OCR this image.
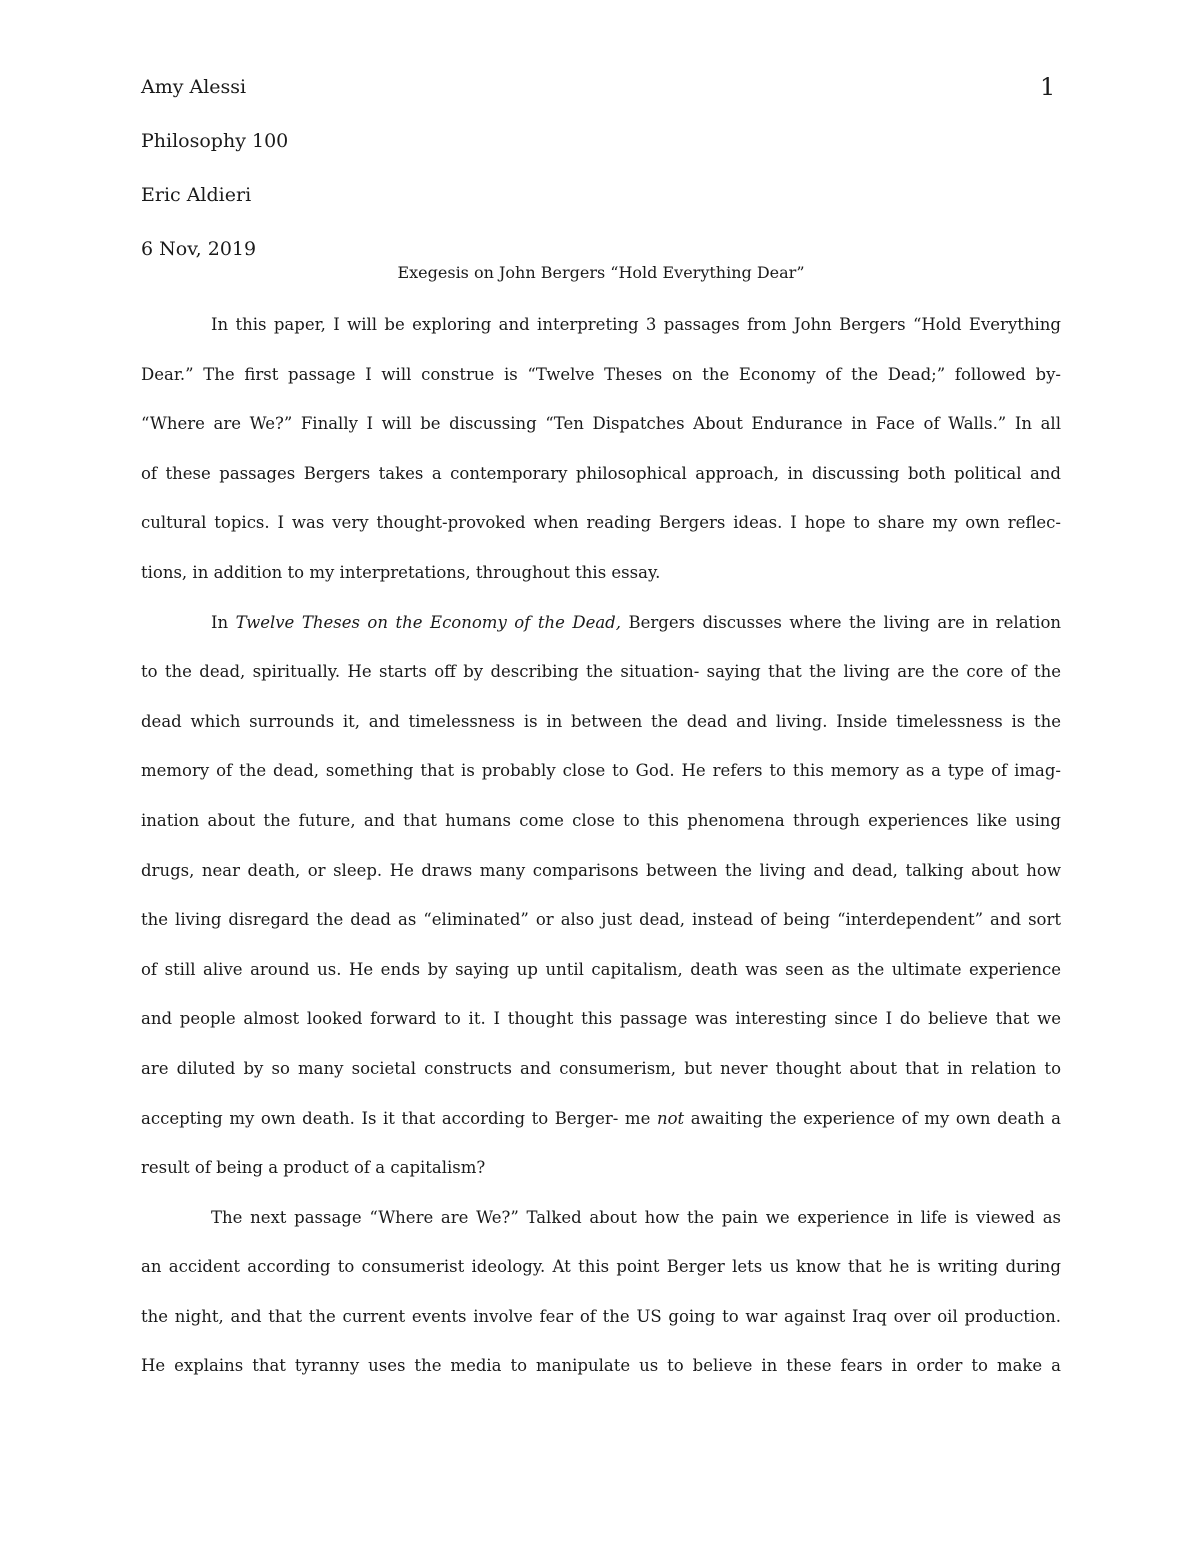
1
Amy Alessi
Philosophy 100
Eric Aldieri
6 Nov, 2019
Exegesis on John Bergers “Hold Everything Dear”
In this paper, I will be exploring and interpreting 3 passages from John Bergers “Hold Everything
Dear.” The first passage I will construe is “Twelve Theses on the Economy of the Dead;” followed by-
“Where are We?” Finally I will be discussing “Ten Dispatches About Endurance in Face of Walls.” In all
of these passages Bergers takes a contemporary philosophical approach, in discussing both political and
cultural topics. I was very thought-provoked when reading Bergers ideas. I hope to share my own reflec-
tions, in addition to my interpretations, throughout this essay.
In Twelve Theses on the Economy of the Dead, Bergers discusses where the living are in relation
to the dead, spiritually. He starts off by describing the situation- saying that the living are the core of the
dead which surrounds it, and timelessness is in between the dead and living. Inside timelessness is the
memory of the dead, something that is probably close to God. He refers to this memory as a type of imag-
ination about the future, and that humans come close to this phenomena through experiences like using
drugs, near death, or sleep. He draws many comparisons between the living and dead, talking about how
the living disregard the dead as “eliminated” or also just dead, instead of being “interdependent” and sort
of still alive around us. He ends by saying up until capitalism, death was seen as the ultimate experience
and people almost looked forward to it. I thought this passage was interesting since I do believe that we
are diluted by so many societal constructs and consumerism, but never thought about that in relation to
accepting my own death. Is it that according to Berger- me not awaiting the experience of my own death a
result of being a product of a capitalism?
The next passage “Where are We?” Talked about how the pain we experience in life is viewed as
an accident according to consumerist ideology. At this point Berger lets us know that he is writing during
the night, and that the current events involve fear of the US going to war against Iraq over oil production.
He explains that tyranny uses the media to manipulate us to believe in these fears in order to make a
